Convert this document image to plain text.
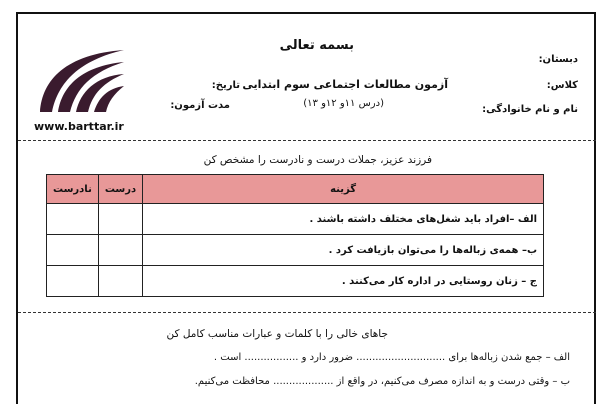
بسمه تعالی
دبستان:
کلاس:
نام و نام خانوادگی:
آزمون مطالعات اجتماعی سوم ابتدایی
(درس ۱۱و ۱۲و ۱۳)
تاریخ:
مدت آزمون:
www.barttar.ir
فرزند عزیز، جملات درست و نادرست را مشخص کن
گزینه	درست	نادرست
الف –افراد باید شغل‌های مختلف داشته باشند .		
ب– همه‌ی زباله‌ها را می‌توان بازیافت کرد .		
ج – زنان روستایی در اداره کار می‌کنند .		
جاهای خالی را با کلمات و عبارات مناسب کامل کن
الف – جمع شدن زباله‌ها برای ............................ ضرور دارد و ................. است .
ب – وقتی درست و به اندازه مصرف می‌کنیم، در واقع از ................... محافظت می‌کنیم.
